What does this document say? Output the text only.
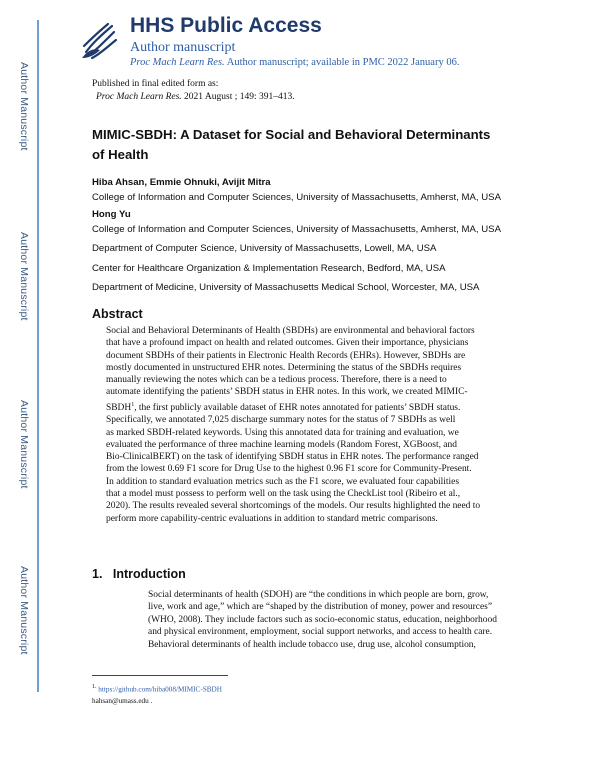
Author Manuscript
Author Manuscript
Author Manuscript
Author Manuscript
HHS Public Access
Author manuscript
Proc Mach Learn Res. Author manuscript; available in PMC 2022 January 06.
Published in final edited form as:
Proc Mach Learn Res. 2021 August ; 149: 391–413.
MIMIC-SBDH: A Dataset for Social and Behavioral Determinants
of Health
Hiba Ahsan, Emmie Ohnuki, Avijit Mitra
College of Information and Computer Sciences, University of Massachusetts, Amherst, MA, USA
Hong Yu
College of Information and Computer Sciences, University of Massachusetts, Amherst, MA, USA
Department of Computer Science, University of Massachusetts, Lowell, MA, USA
Center for Healthcare Organization & Implementation Research, Bedford, MA, USA
Department of Medicine, University of Massachusetts Medical School, Worcester, MA, USA
Abstract
Social and Behavioral Determinants of Health (SBDHs) are environmental and behavioral factors
that have a profound impact on health and related outcomes. Given their importance, physicians
document SBDHs of their patients in Electronic Health Records (EHRs). However, SBDHs are
mostly documented in unstructured EHR notes. Determining the status of the SBDHs requires
manually reviewing the notes which can be a tedious process. Therefore, there is a need to
automate identifying the patients’ SBDH status in EHR notes. In this work, we created MIMIC-
SBDH$^1$, the first publicly available dataset of EHR notes annotated for patients’ SBDH status.
Specifically, we annotated 7,025 discharge summary notes for the status of 7 SBDHs as well
as marked SBDH-related keywords. Using this annotated data for training and evaluation, we
evaluated the performance of three machine learning models (Random Forest, XGBoost, and
Bio-ClinicalBERT) on the task of identifying SBDH status in EHR notes. The performance ranged
from the lowest 0.69 F1 score for Drug Use to the highest 0.96 F1 score for Community-Present.
In addition to standard evaluation metrics such as the F1 score, we evaluated four capabilities
that a model must possess to perform well on the task using the CheckList tool (Ribeiro et al.,
2020). The results revealed several shortcomings of the models. Our results highlighted the need to
perform more capability-centric evaluations in addition to standard metric comparisons.
1. Introduction
Social determinants of health (SDOH) are “the conditions in which people are born, grow,
live, work and age,” which are “shaped by the distribution of money, power and resources”
(WHO, 2008). They include factors such as socio-economic status, education, neighborhood
and physical environment, employment, social support networks, and access to health care.
Behavioral determinants of health include tobacco use, drug use, alcohol consumption,
$^{1.}$ https://github.com/hiba008/MIMIC-SBDH
hahsan@umass.edu .
